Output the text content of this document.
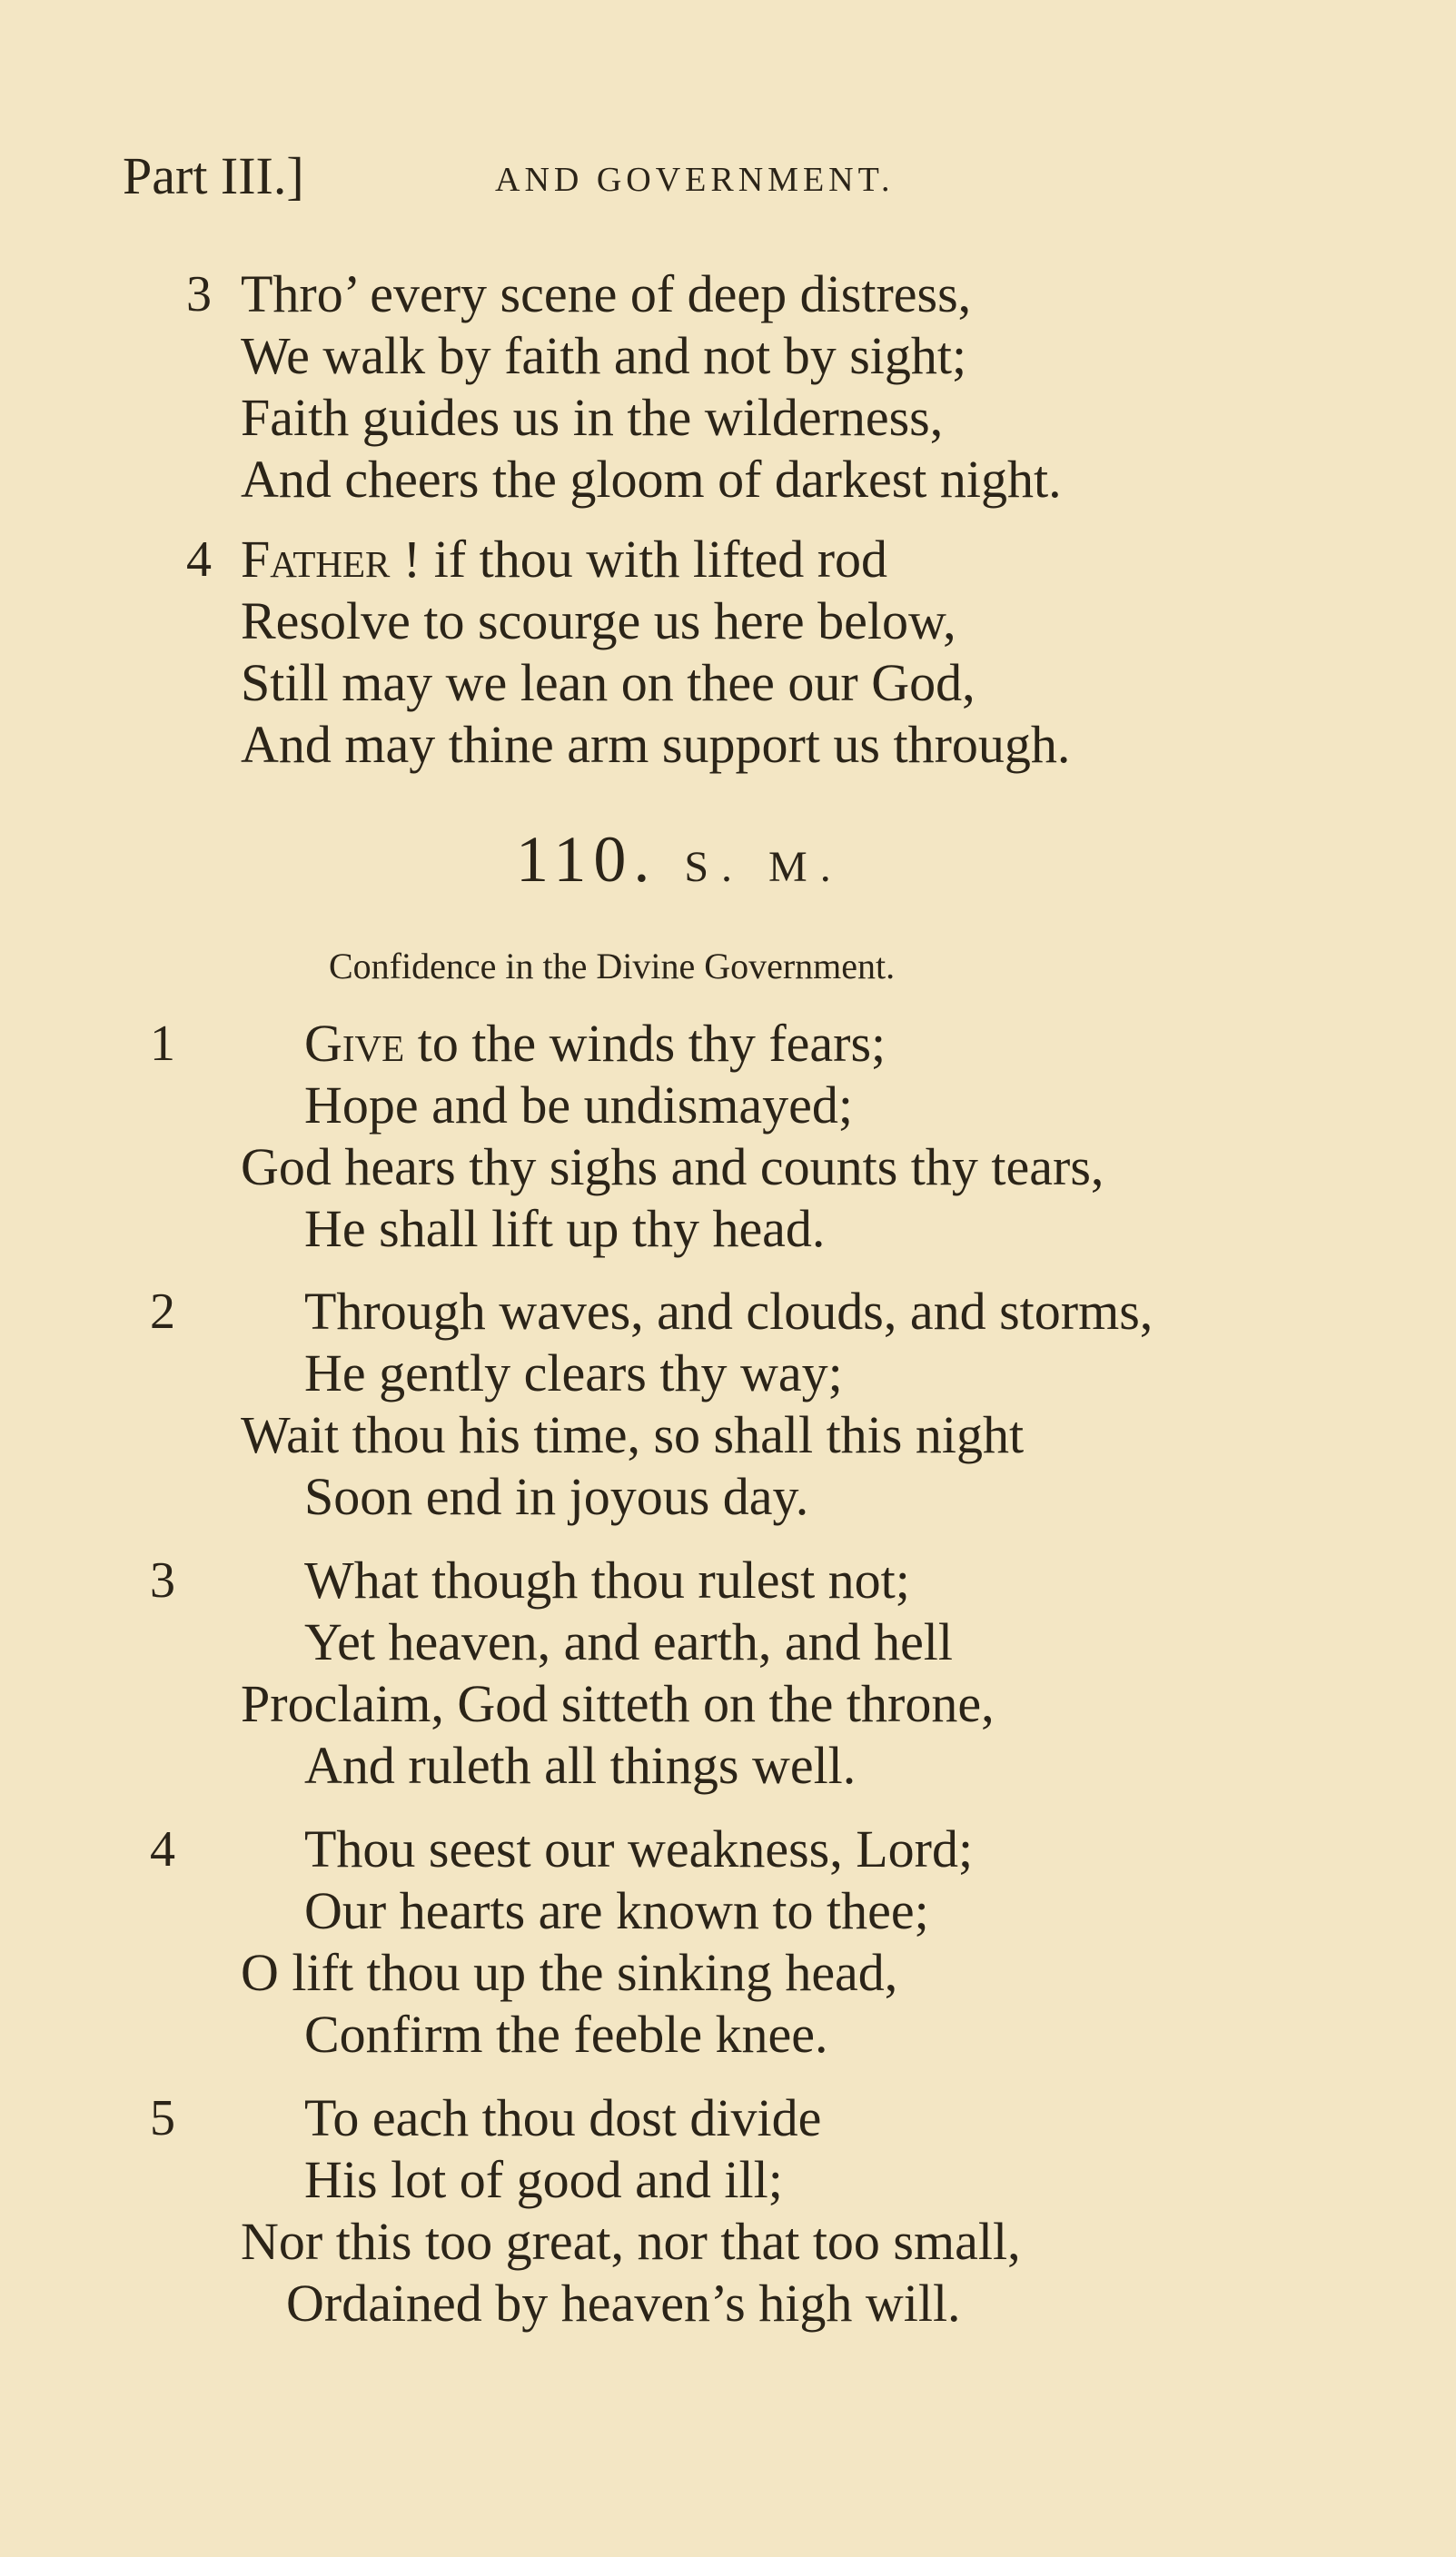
Part III.]	AND GOVERNMENT.
3 Thro’ every scene of deep distress,
We walk by faith and not by sight;
Faith guides us in the wilderness,
And cheers the gloom of darkest night.
4 Father ! if thou with lifted rod
Resolve to scourge us here below,
Still may we lean on thee our God,
And may thine arm support us through.
110. S. M.
Confidence in the Divine Government.
1 Give to the winds thy fears;
Hope and be undismayed;
God hears thy sighs and counts thy tears,
He shall lift up thy head.
2 Through waves, and clouds, and storms,
He gently clears thy way;
Wait thou his time, so shall this night
Soon end in joyous day.
3 What though thou rulest not;
Yet heaven, and earth, and hell
Proclaim, God sitteth on the throne,
And ruleth all things well.
4 Thou seest our weakness, Lord;
Our hearts are known to thee;
O lift thou up the sinking head,
Confirm the feeble knee.
5 To each thou dost divide
His lot of good and ill;
Nor this too great, nor that too small,
Ordained by heaven’s high will.
